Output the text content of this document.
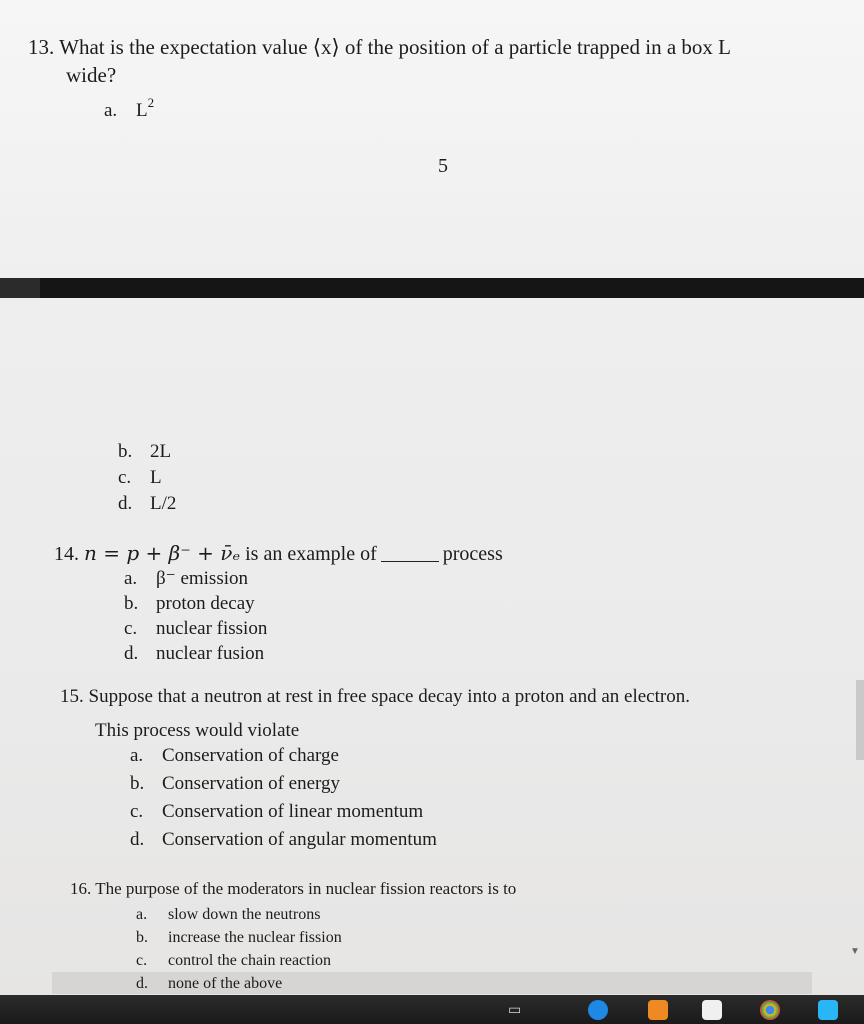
13. What is the expectation value ⟨x⟩ of the position of a particle trapped in a box L
wide?
a. $L^2$
5
b. 2L
c. L
d. L/2
14. n = p + β⁻ + ν̄ₑ is an example of	process
a. β⁻ emission
b. proton decay
c. nuclear fission
d. nuclear fusion
15. Suppose that a neutron at rest in free space decay into a proton and an electron.
This process would violate
a. Conservation of charge
b. Conservation of energy
c. Conservation of linear momentum
d. Conservation of angular momentum
16. The purpose of the moderators in nuclear fission reactors is to
a. slow down the neutrons
b. increase the nuclear fission
c. control the chain reaction
d. none of the above
▼
▭
